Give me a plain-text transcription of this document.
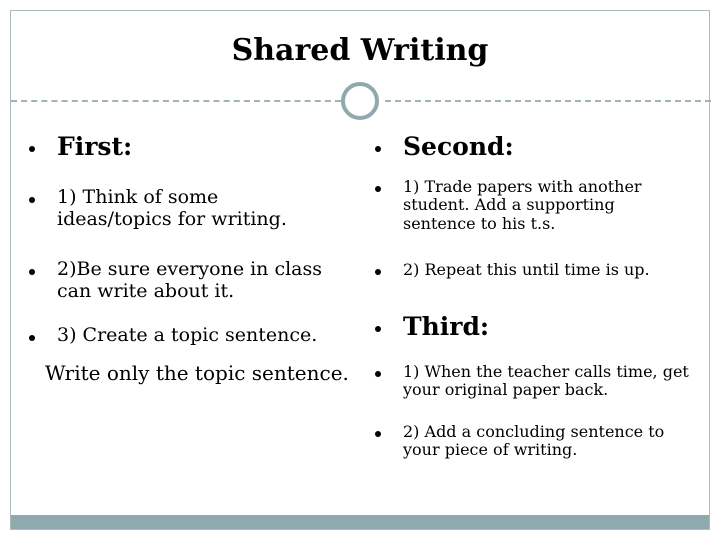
Shared Writing
First:
1) Think of some ideas/topics for writing.
2)Be sure everyone in class can write about it.
3) Create a topic sentence.
Write only the topic sentence.
Second:
1) Trade papers with another student. Add a supporting sentence to his t.s.
2) Repeat this until time is up.
Third:
1) When the teacher calls time, get your original paper back.
2) Add a concluding sentence to your piece of writing.
